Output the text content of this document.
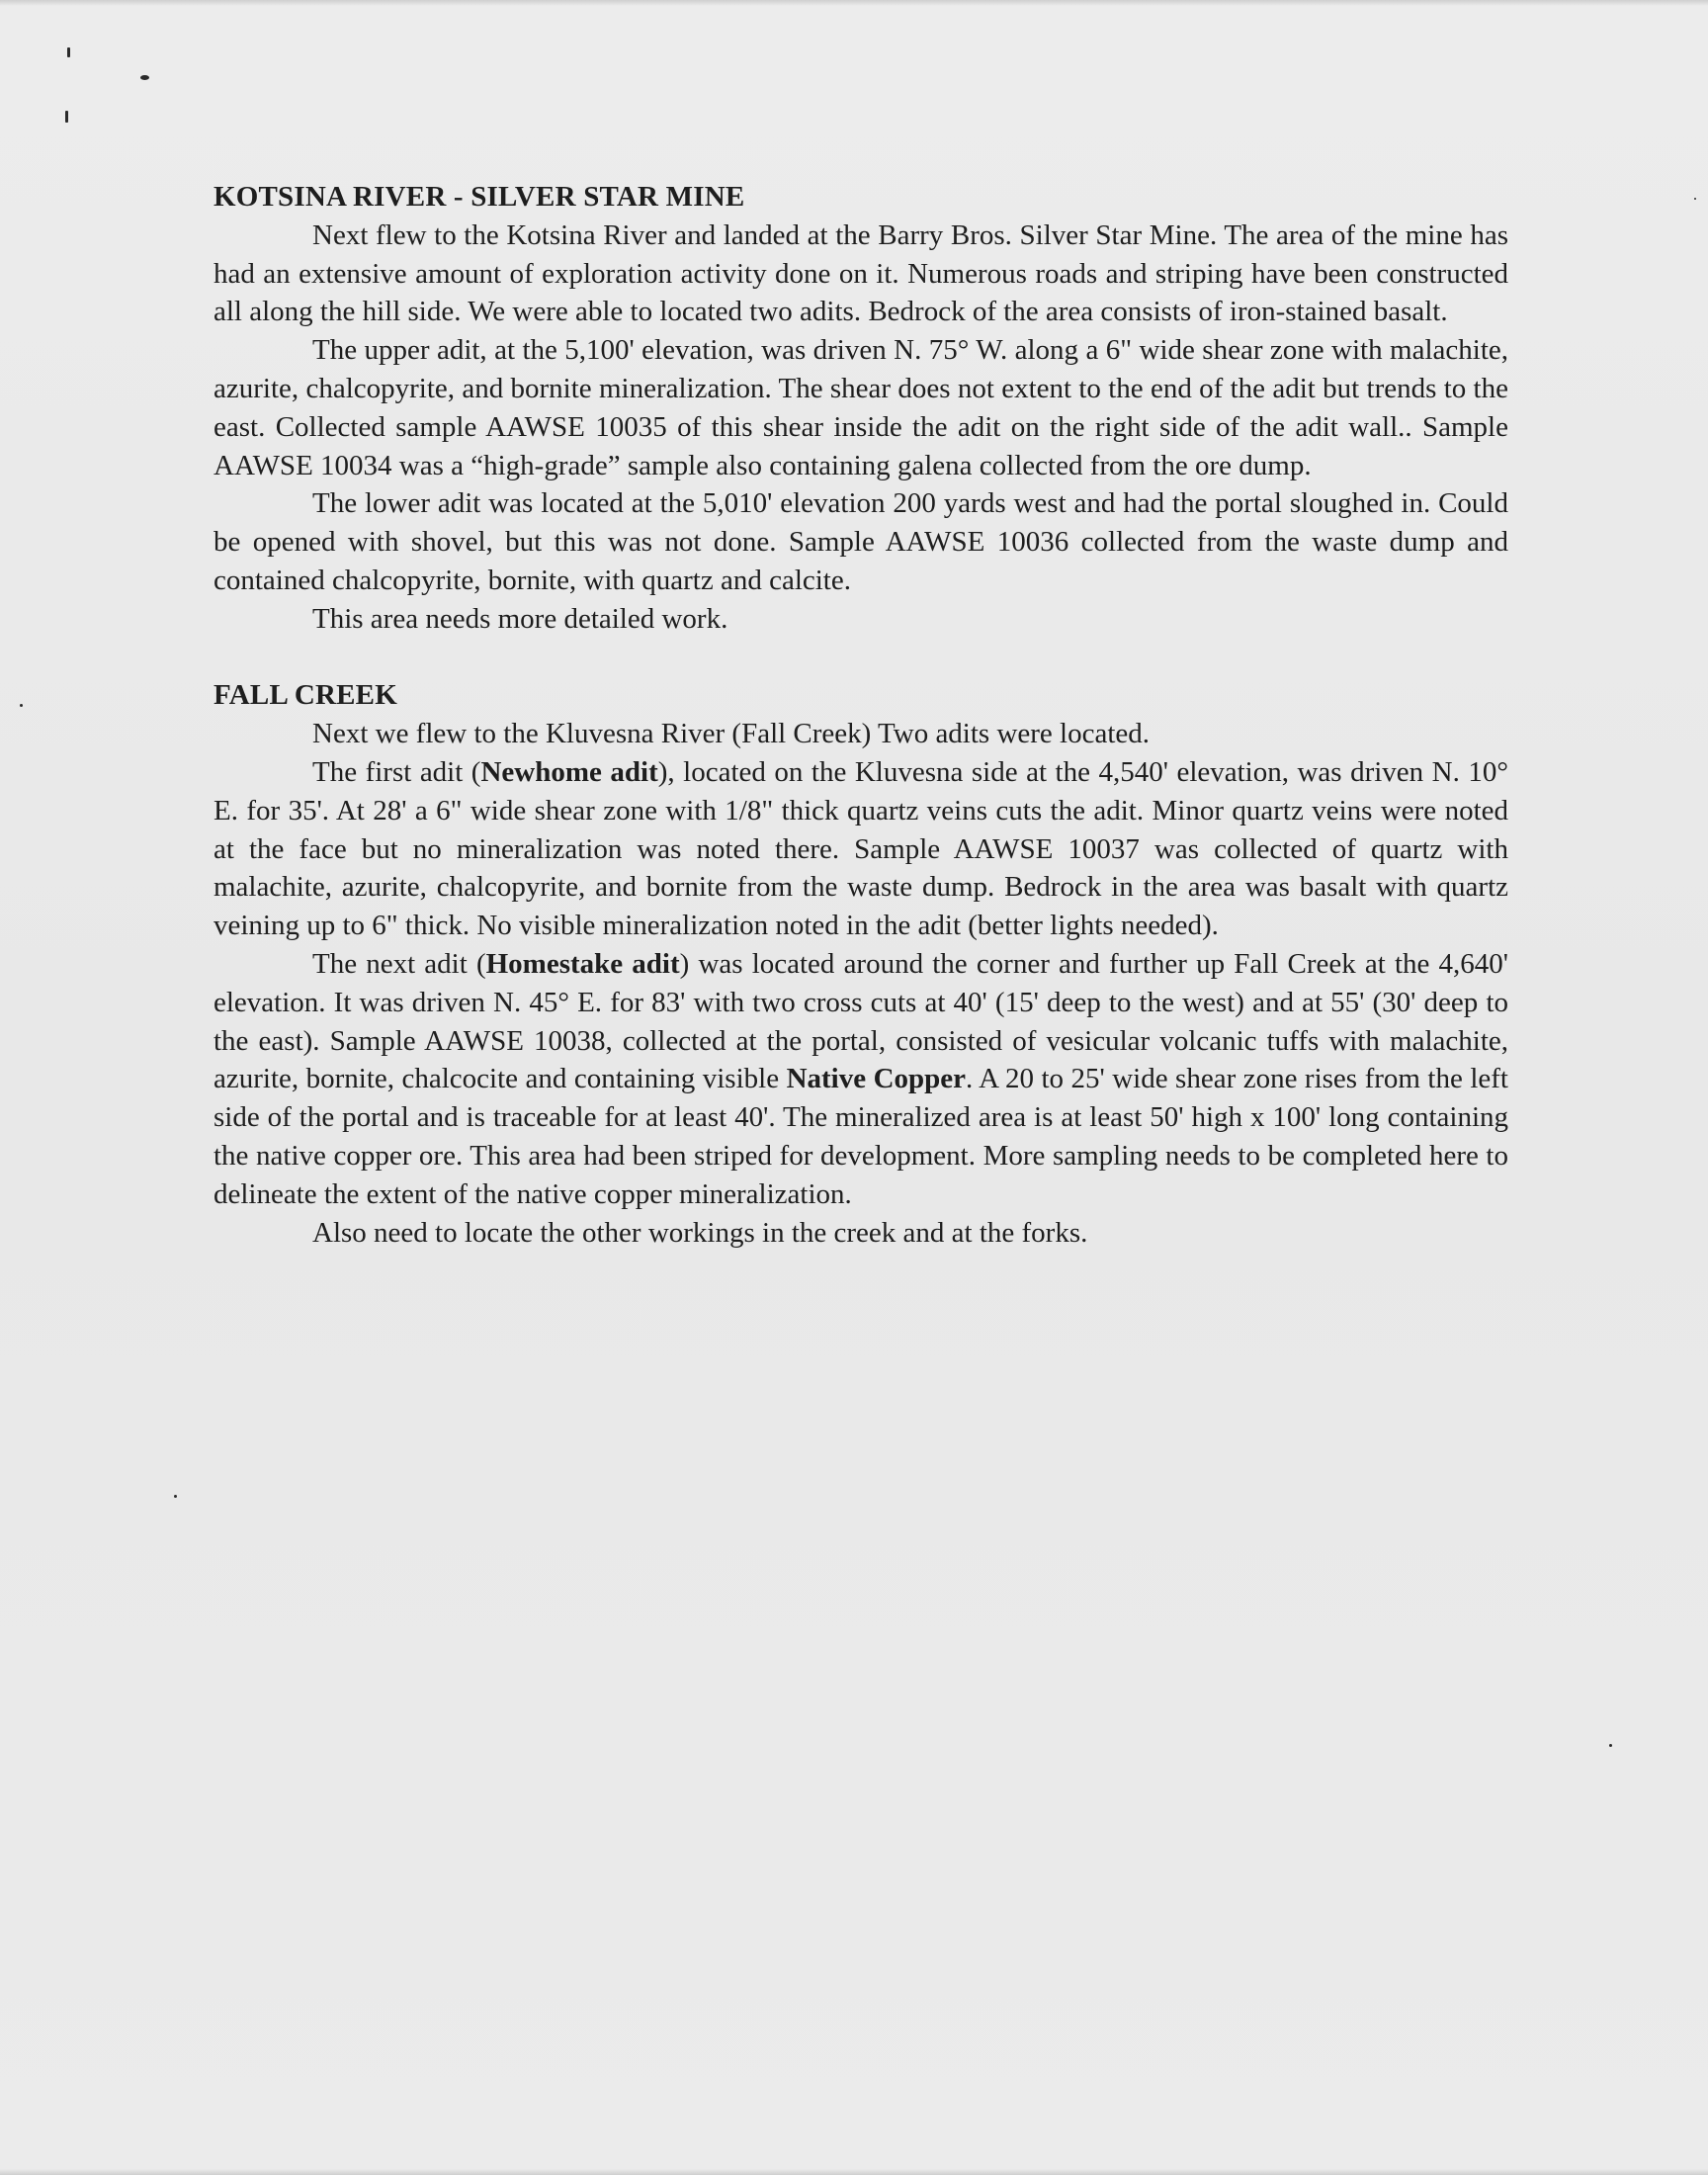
KOTSINA RIVER - SILVER STAR MINE

Next flew to the Kotsina River and landed at the Barry Bros. Silver Star Mine. The area of the mine has had an extensive amount of exploration activity done on it. Numerous roads and striping have been constructed all along the hill side. We were able to located two adits. Bedrock of the area consists of iron-stained basalt.

The upper adit, at the 5,100' elevation, was driven N. 75° W. along a 6" wide shear zone with malachite, azurite, chalcopyrite, and bornite mineralization. The shear does not extent to the end of the adit but trends to the east. Collected sample AAWSE 10035 of this shear inside the adit on the right side of the adit wall.. Sample AAWSE 10034 was a “high-grade” sample also containing galena collected from the ore dump.

The lower adit was located at the 5,010' elevation 200 yards west and had the portal sloughed in. Could be opened with shovel, but this was not done. Sample AAWSE 10036 collected from the waste dump and contained chalcopyrite, bornite, with quartz and calcite.

This area needs more detailed work.

FALL CREEK

Next we flew to the Kluvesna River (Fall Creek) Two adits were located.

The first adit (Newhome adit), located on the Kluvesna side at the 4,540' elevation, was driven N. 10° E. for 35'. At 28' a 6" wide shear zone with 1/8" thick quartz veins cuts the adit. Minor quartz veins were noted at the face but no mineralization was noted there. Sample AAWSE 10037 was collected of quartz with malachite, azurite, chalcopyrite, and bornite from the waste dump. Bedrock in the area was basalt with quartz veining up to 6" thick. No visible mineralization noted in the adit (better lights needed).

The next adit (Homestake adit) was located around the corner and further up Fall Creek at the 4,640' elevation. It was driven N. 45° E. for 83' with two cross cuts at 40' (15' deep to the west) and at 55' (30' deep to the east). Sample AAWSE 10038, collected at the portal, consisted of vesicular volcanic tuffs with malachite, azurite, bornite, chalcocite and containing visible Native Copper. A 20 to 25' wide shear zone rises from the left side of the portal and is traceable for at least 40'. The mineralized area is at least 50' high x 100' long containing the native copper ore. This area had been striped for development. More sampling needs to be completed here to delineate the extent of the native copper mineralization.

Also need to locate the other workings in the creek and at the forks.
